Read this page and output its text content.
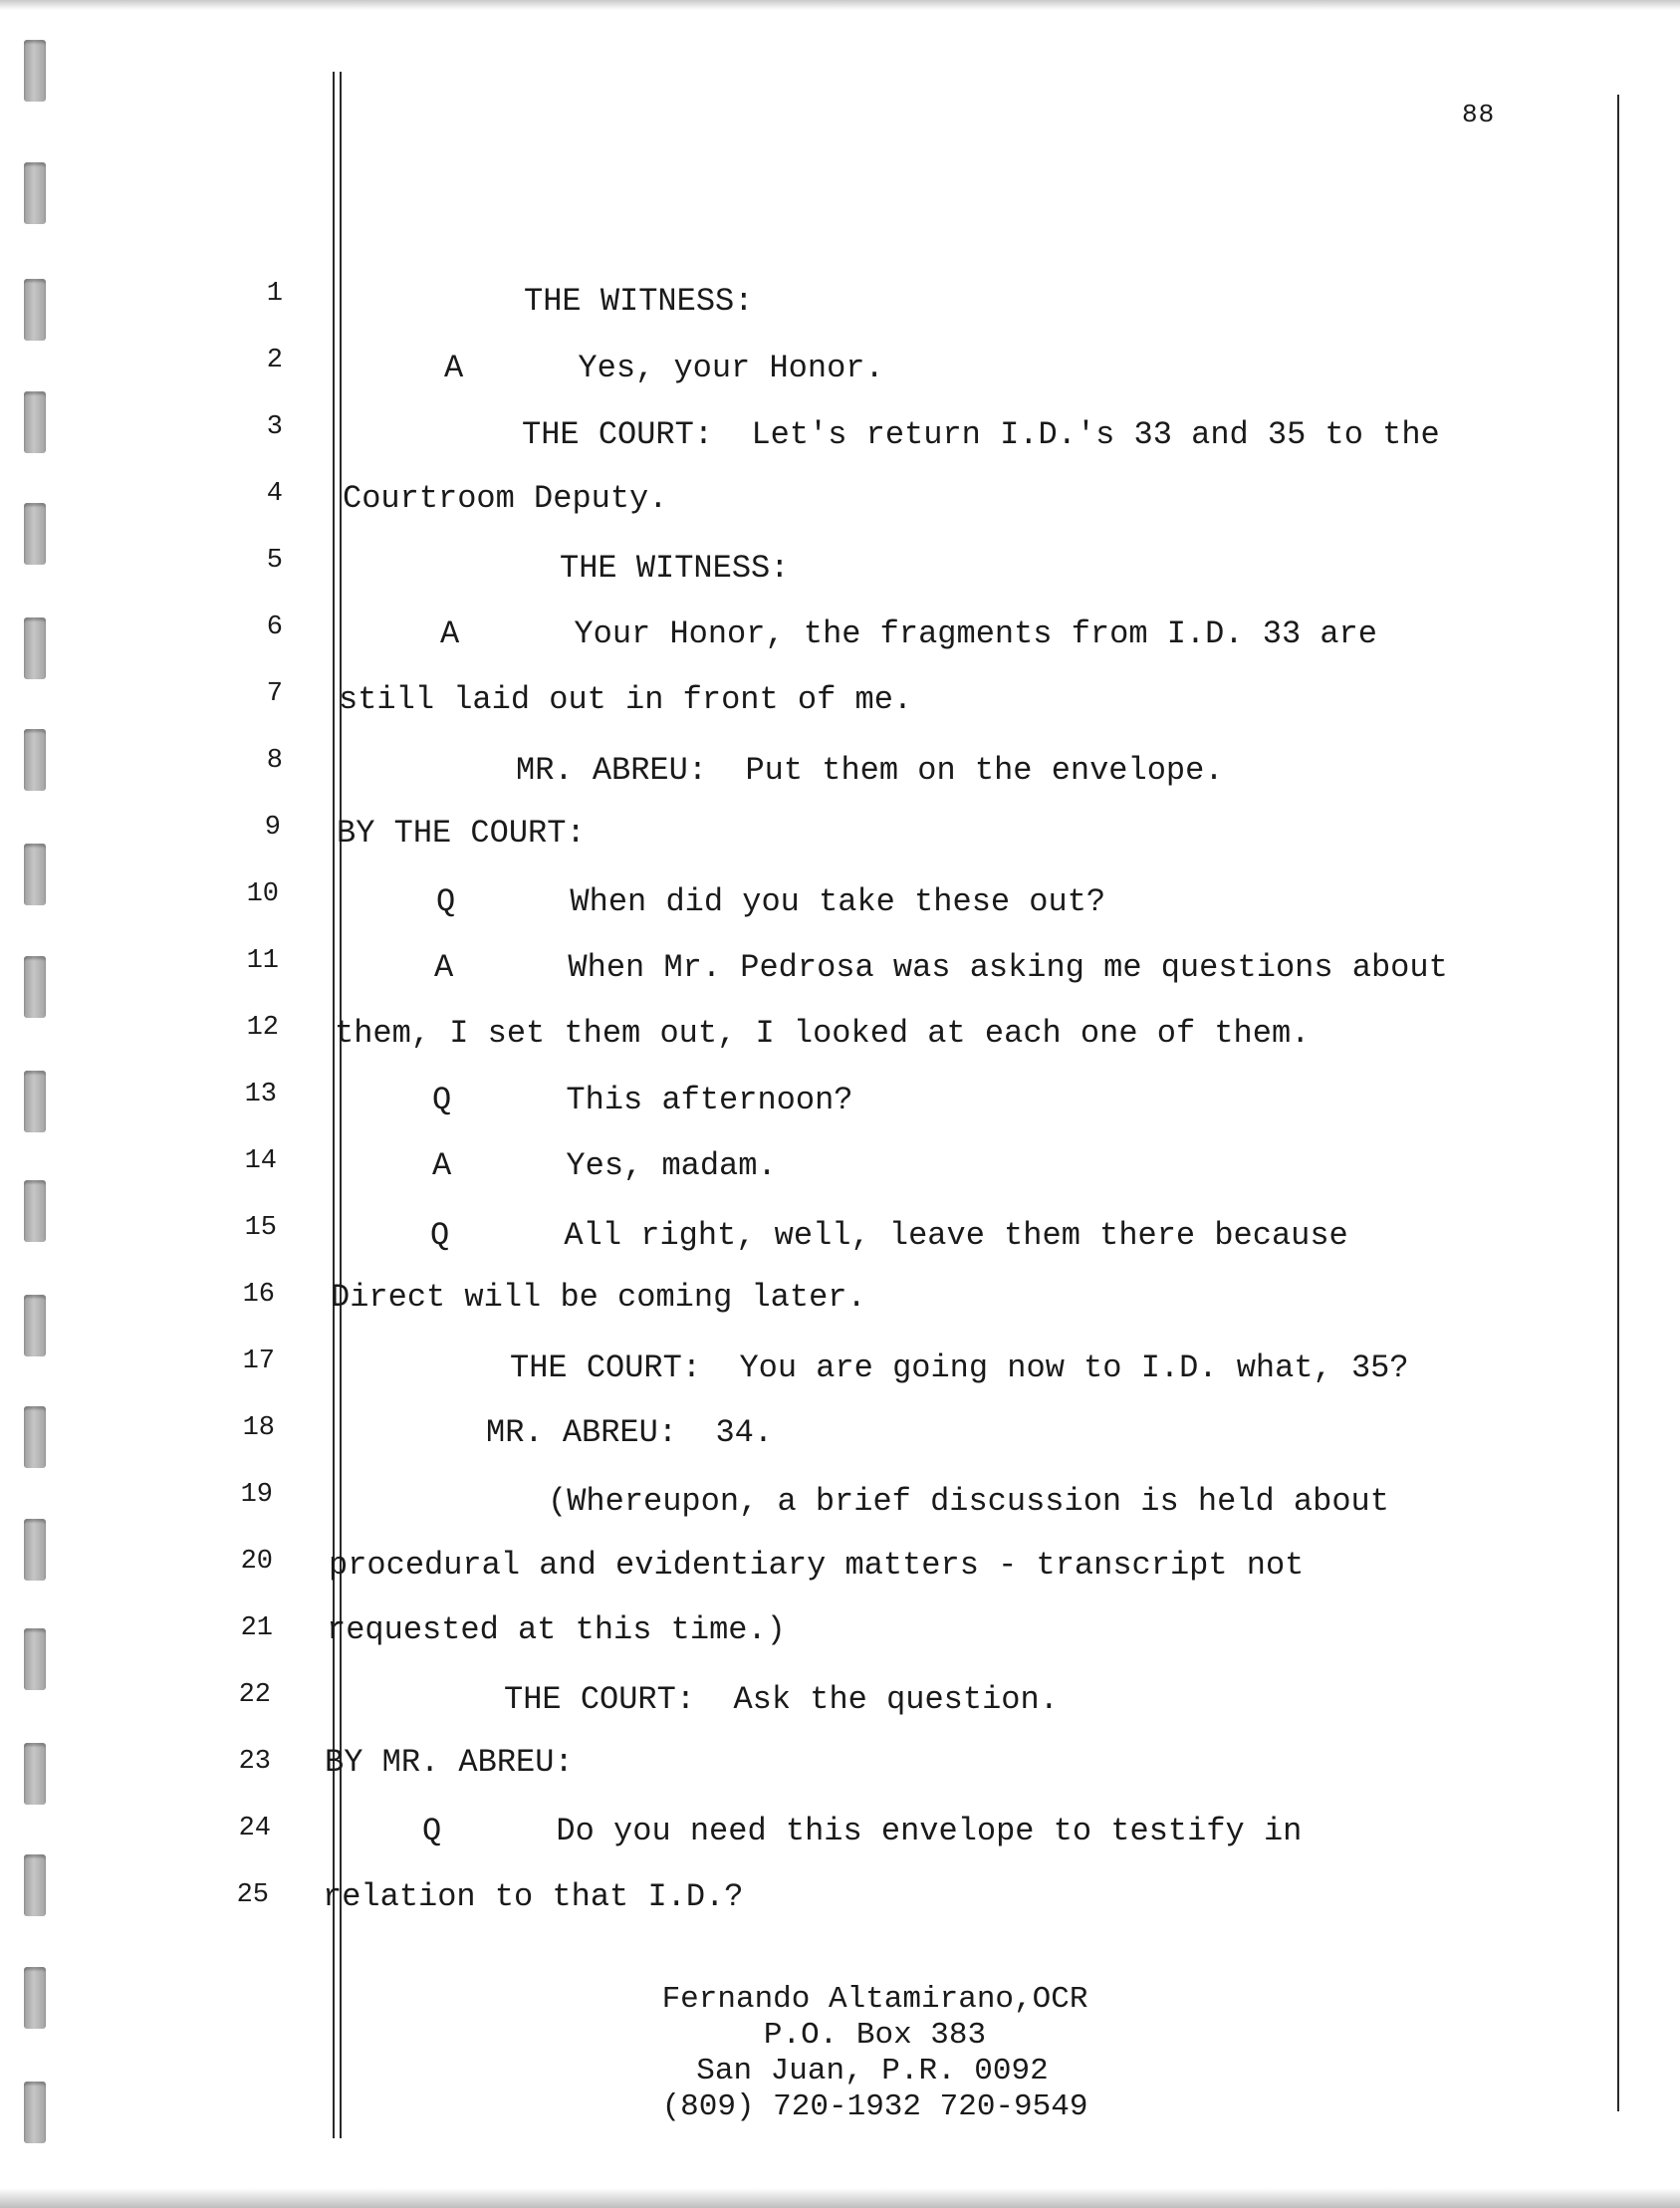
88
1
2
3
4
5
6
7
8
9
10
11
12
13
14
15
16
17
18
19
20
21
22
23
24
25
THE WITNESS:
A      Yes, your Honor.
THE COURT:  Let's return I.D.'s 33 and 35 to the
Courtroom Deputy.
THE WITNESS:
A      Your Honor, the fragments from I.D. 33 are
still laid out in front of me.
MR. ABREU:  Put them on the envelope.
BY THE COURT:
Q      When did you take these out?
A      When Mr. Pedrosa was asking me questions about
them, I set them out, I looked at each one of them.
Q      This afternoon?
A      Yes, madam.
Q      All right, well, leave them there because
Direct will be coming later.
THE COURT:  You are going now to I.D. what, 35?
MR. ABREU:  34.
(Whereupon, a brief discussion is held about
procedural and evidentiary matters - transcript not
requested at this time.)
THE COURT:  Ask the question.
BY MR. ABREU:
Q      Do you need this envelope to testify in
relation to that I.D.?
Fernando Altamirano,OCR
P.O. Box 383
San Juan, P.R. 0092
(809) 720-1932 720-9549
